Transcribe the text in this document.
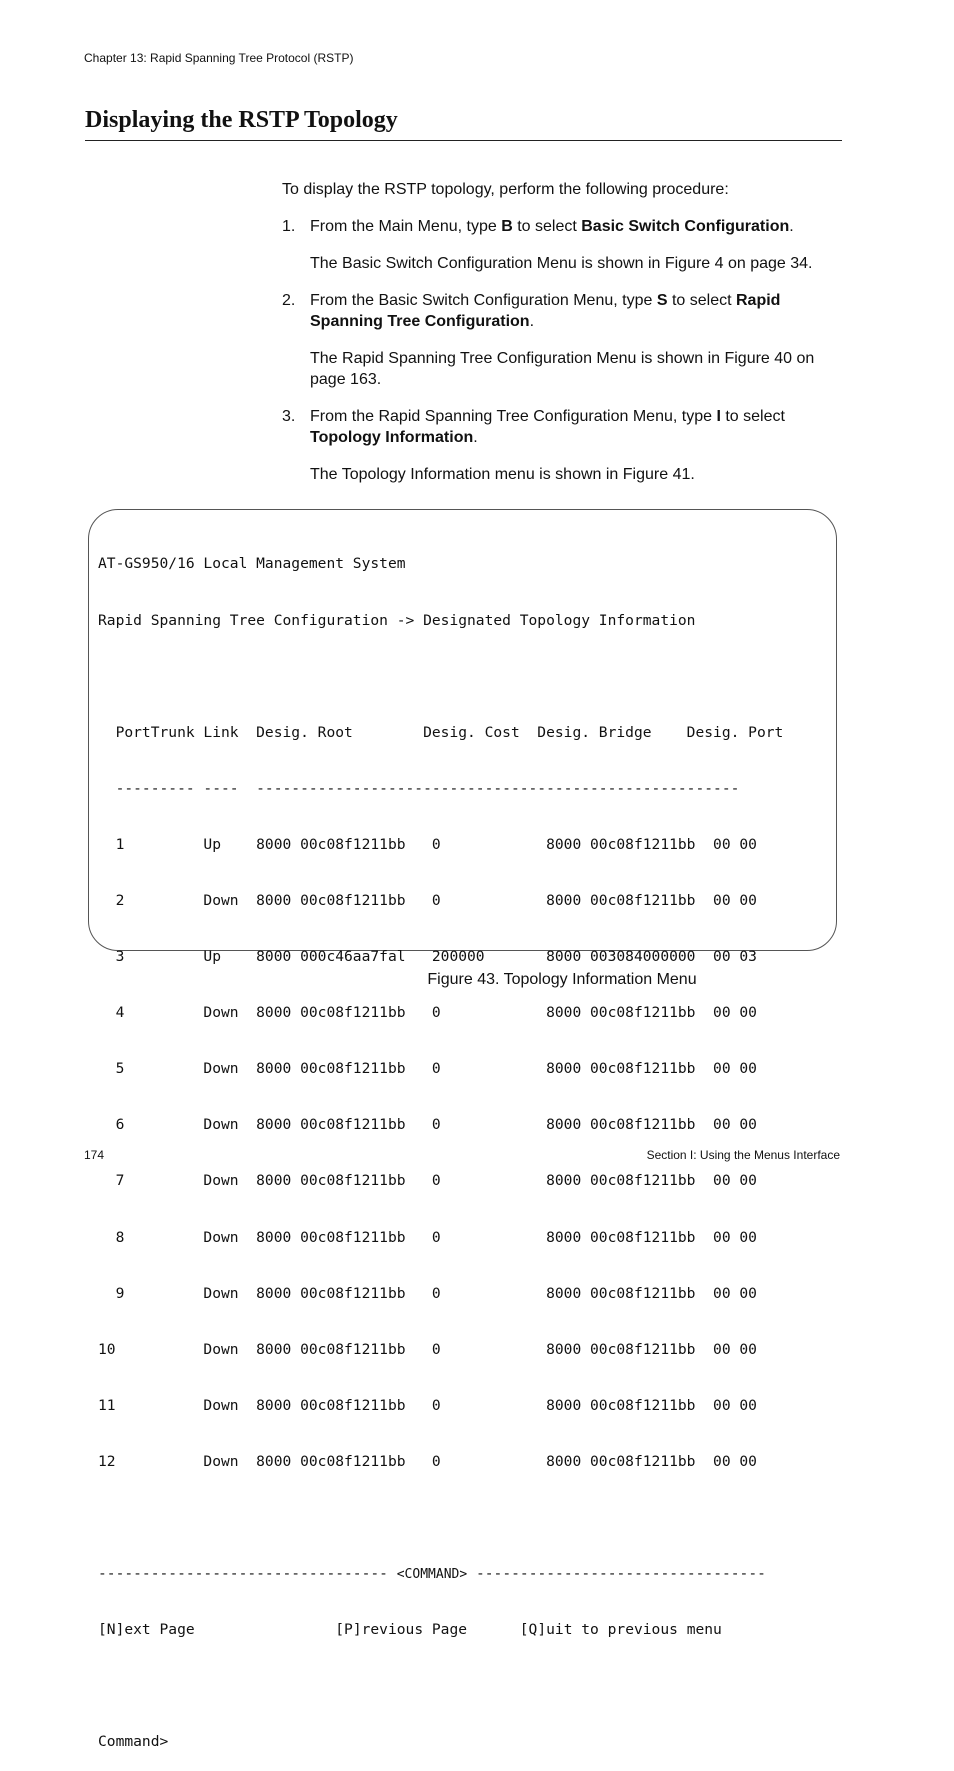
Chapter 13: Rapid Spanning Tree Protocol (RSTP)
Displaying the RSTP Topology
To display the RSTP topology, perform the following procedure:
1. From the Main Menu, type B to select Basic Switch Configuration.

The Basic Switch Configuration Menu is shown in Figure 4 on page 34.

2. From the Basic Switch Configuration Menu, type S to select Rapid Spanning Tree Configuration.

The Rapid Spanning Tree Configuration Menu is shown in Figure 40 on page 163.

3. From the Rapid Spanning Tree Configuration Menu, type I to select Topology Information.

The Topology Information menu is shown in Figure 41.

AT-GS950/16 Local Management System

Rapid Spanning Tree Configuration -> Designated Topology Information

PortTrunk Link  Desig. Root        Desig. Cost  Desig. Bridge    Desig. Port

--------- ----  -------------------------------------------------------

1         Up    8000 00c08f1211bb   0            8000 00c08f1211bb  00 00

2         Down  8000 00c08f1211bb   0            8000 00c08f1211bb  00 00

3         Up    8000 000c46aa7fal   200000       8000 003084000000  00 03

4         Down  8000 00c08f1211bb   0            8000 00c08f1211bb  00 00

5         Down  8000 00c08f1211bb   0            8000 00c08f1211bb  00 00

6         Down  8000 00c08f1211bb   0            8000 00c08f1211bb  00 00

7         Down  8000 00c08f1211bb   0            8000 00c08f1211bb  00 00

8         Down  8000 00c08f1211bb   0            8000 00c08f1211bb  00 00

9         Down  8000 00c08f1211bb   0            8000 00c08f1211bb  00 00

10          Down  8000 00c08f1211bb   0            8000 00c08f1211bb  00 00

11          Down  8000 00c08f1211bb   0            8000 00c08f1211bb  00 00

12          Down  8000 00c08f1211bb   0            8000 00c08f1211bb  00 00

--------------------------------- <COMMAND> ---------------------------------

[N]ext Page	[P]revious Page	[Q]uit to previous menu

Command>

Figure 43. Topology Information Menu
174	Section I: Using the Menus Interface
